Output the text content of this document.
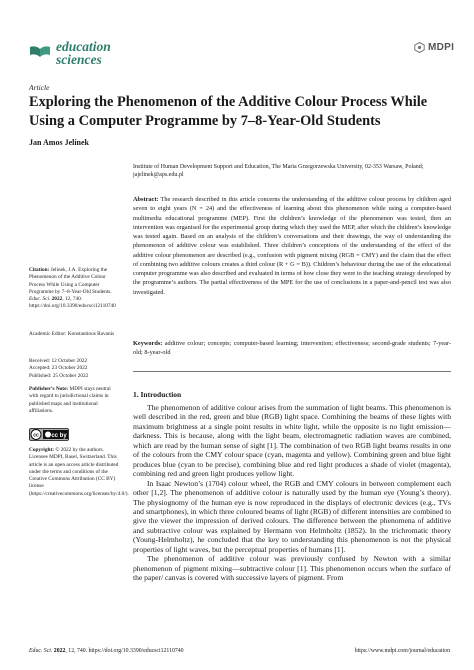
education
sciences
MDPI
Article
Exploring the Phenomenon of the Additive Colour Process While Using a Computer Programme by 7–8-Year-Old Students
Jan Amos Jelínek
Institute of Human Development Support and Education, The Maria Grzegorzewska University, 02-353 Warsaw, Poland; jajelinek@aps.edu.pl
Abstract: The research described in this article concerns the understanding of the additive colour process by children aged seven to eight years (N = 24) and the effectiveness of learning about this phenomenon while using a computer-based multimedia educational programme (MEP). First the children’s knowledge of the phenomenon was tested, then an intervention was organised for the experimental group during which they used the MEP, after which the children’s knowledge was tested again. Based on an analysis of the children’s conversations and their drawings, the way of understanding the phenomenon of additive colour was established. Three children’s conceptions of the understanding of the effect of the additive colour phenomenon are described (e.g., confusion with pigment mixing (RGB = CMY) and the claim that the effect of combining two additive colours creates a third colour (R + G = B)). Children’s behaviour during the use of the educational computer programme was also described and evaluated in terms of how close they were to the teaching strategy developed by the programme’s authors. The partial effectiveness of the MPE for the use of conclusions in a paper-and-pencil test was also investigated.
Keywords: additive colour; concepts; computer-based learning; intervention; effectiveness; second-grade students; 7-year-old; 8-year-old
1. Introduction

The phenomenon of additive colour arises from the summation of light beams. This phenomenon is well described in the red, green and blue (RGB) light space. Combining the beams of these lights with maximum brightness at a single point results in white light, while the opposite is no light emission—darkness. This is because, along with the light beam, electromagnetic radiation waves are combined, which are read by the human sense of sight [1]. The combination of two RGB light beams results in one of the colours from the CMY colour space (cyan, magenta and yellow). Combining green and blue light produces blue (cyan to be precise), combining blue and red light produces a shade of violet (magenta), combining red and green light produces yellow light.

In Isaac Newton’s (1704) colour wheel, the RGB and CMY colours in between complement each other [1,2]. The phenomenon of additive colour is naturally used by the human eye (Young’s theory). The physiognomy of the human eye is now reproduced in the displays of electronic devices (e.g., TVs and smartphones), in which three coloured beams of light (RGB) of different intensities are combined to give the viewer the impression of derived colours. The difference between the phenomena of additive and subtractive colour was explained by Hermann von Helmholtz (1852). In the trichromatic theory (Young-Helmholtz), he concluded that the key to understanding this phenomenon is not the physical properties of light waves, but the perceptual properties of humans [1].

The phenomenon of additive colour was previously confused by Newton with a similar phenomenon of pigment mixing—subtractive colour [1]. This phenomenon occurs when the surface of the paper/ canvas is covered with successive layers of pigment. From

Citation: Jelínek, J.A. Exploring the Phenomenon of the Additive Colour Process While Using a Computer Programme by 7–8-Year-Old Students. Educ. Sci. 2022, 12, 740. https://doi.org/10.3390/educsci12110740
Academic Editor: Konstantinos Ravanis
Received: 12 October 2022
Accepted: 23 October 2022
Published: 25 October 2022
Publisher’s Note: MDPI stays neutral with regard to jurisdictional claims in published maps and institutional affiliations.
cc cc by
Copyright: © 2022 by the authors. Licensee MDPI, Basel, Switzerland. This article is an open access article distributed under the terms and conditions of the Creative Commons Attribution (CC BY) license (https://creativecommons.org/licenses/by/4.0/).
Educ. Sci. 2022, 12, 740. https://doi.org/10.3390/educsci12110740	https://www.mdpi.com/journal/education
